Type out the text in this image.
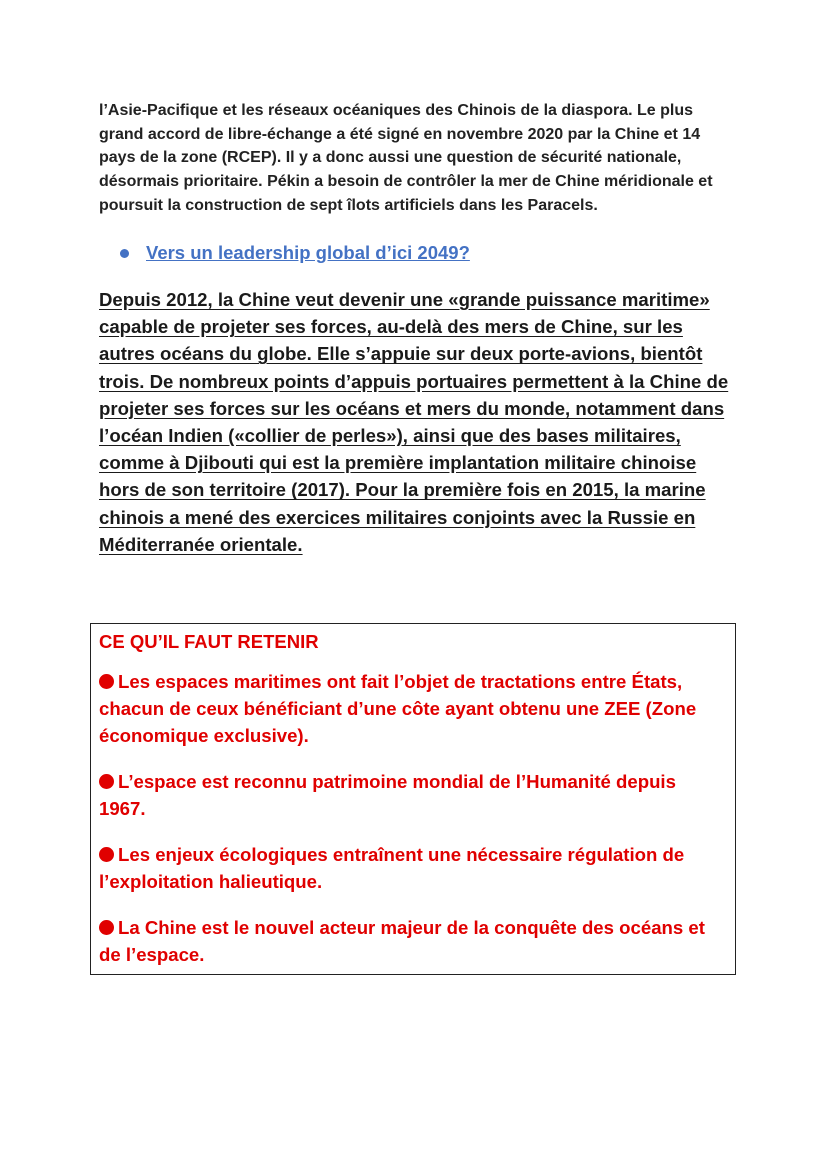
l’Asie-Pacifique et les réseaux océaniques des Chinois de la diaspora. Le plus grand accord de libre-échange a été signé en novembre 2020 par la Chine et 14 pays de la zone (RCEP). Il y a donc aussi une question de sécurité nationale, désormais prioritaire. Pékin a besoin de contrôler la mer de Chine méridionale et poursuit la construction de sept îlots artificiels dans les Paracels.

Vers un leadership global d’ici 2049?

Depuis 2012, la Chine veut devenir une «grande puissance maritime» capable de projeter ses forces, au-delà des mers de Chine, sur les autres océans du globe. Elle s’appuie sur deux porte-avions, bientôt trois. De nombreux points d’appuis portuaires permettent à la Chine de projeter ses forces sur les océans et mers du monde, notamment dans l’océan Indien («collier de perles»), ainsi que des bases militaires, comme à Djibouti qui est la première implantation militaire chinoise hors de son territoire (2017). Pour la première fois en 2015, la marine chinois a mené des exercices militaires conjoints avec la Russie en Méditerranée orientale.

CE QU’IL FAUT RETENIR

Les espaces maritimes ont fait l’objet de tractations entre États, chacun de ceux bénéficiant d’une côte ayant obtenu une ZEE (Zone économique exclusive).

L’espace est reconnu patrimoine mondial de l’Humanité depuis 1967.

Les enjeux écologiques entraînent une nécessaire régulation de l’exploitation halieutique.

La Chine est le nouvel acteur majeur de la conquête des océans et de l’espace.
